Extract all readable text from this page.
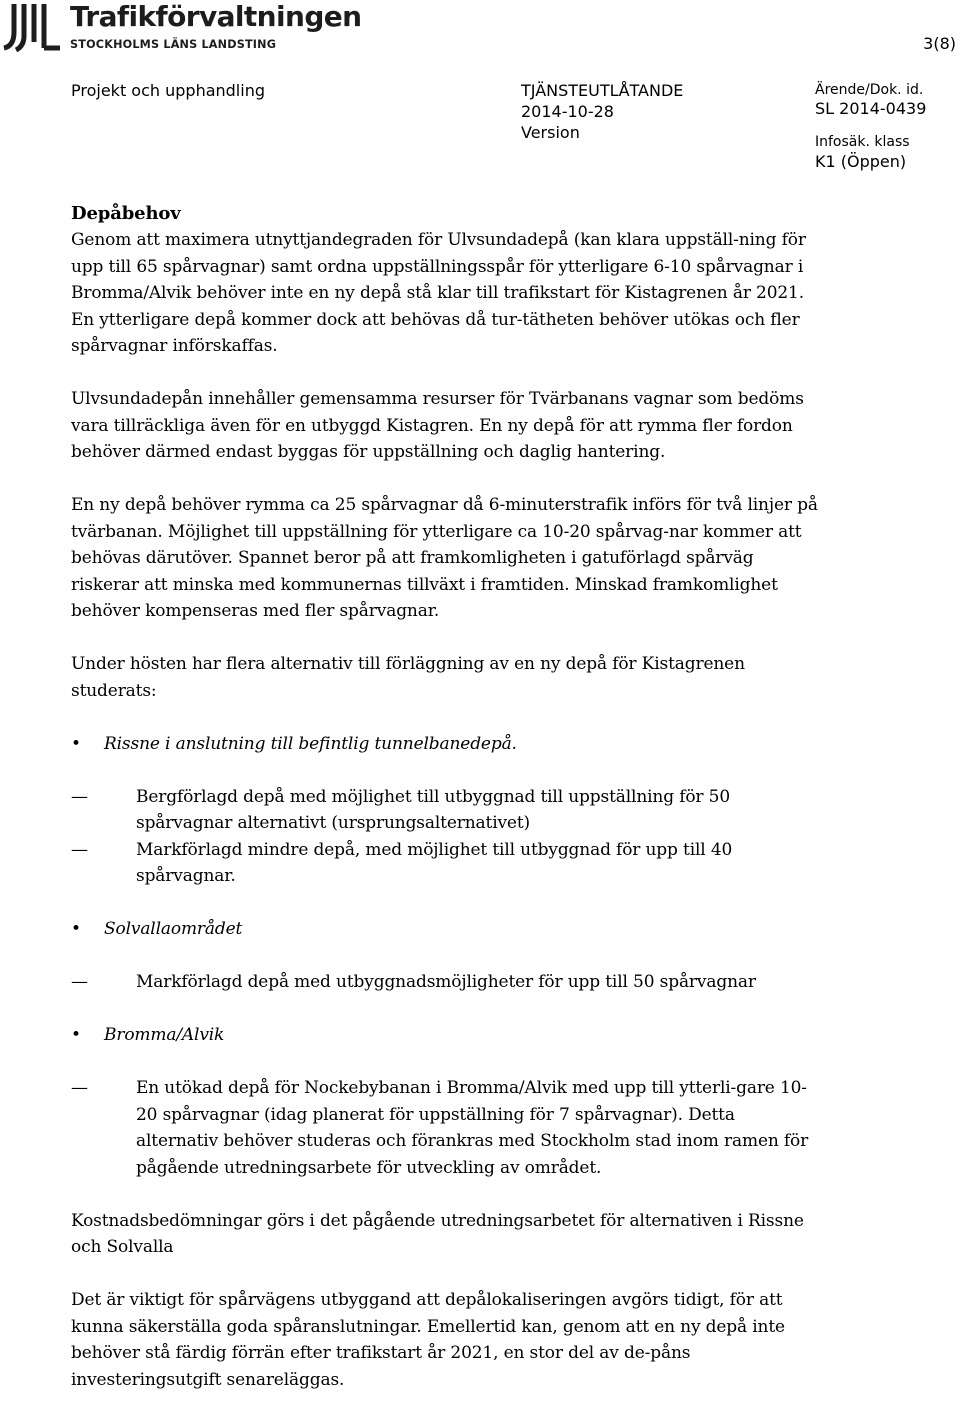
Trafikförvaltningen
STOCKHOLMS LÄNS LANDSTING	3(8)
Projekt och upphandling	TJÄNSTEUTLÅTANDE
2014-10-28
Version
Ärende/Dok. id.
SL 2014-0439
Infosäk. klass
K1 (Öppen)
Depåbehov

Genom att maximera utnyttjandegraden för Ulvsundadepå (kan klara uppställ-ning för upp till 65 spårvagnar) samt ordna uppställningsspår för ytterligare 6-10 spårvagnar i Bromma/Alvik behöver inte en ny depå stå klar till trafikstart för Kistagrenen år 2021. En ytterligare depå kommer dock att behövas då tur-tätheten behöver utökas och fler spårvagnar införskaffas.

Ulvsundadepån innehåller gemensamma resurser för Tvärbanans vagnar som bedöms vara tillräckliga även för en utbyggd Kistagren. En ny depå för att rymma fler fordon behöver därmed endast byggas för uppställning och daglig hantering.

En ny depå behöver rymma ca 25 spårvagnar då 6-minuterstrafik införs för två linjer på tvärbanan. Möjlighet till uppställning för ytterligare ca 10-20 spårvag-nar kommer att behövas därutöver. Spannet beror på att framkomligheten i gatuförlagd spårväg riskerar att minska med kommunernas tillväxt i framtiden. Minskad framkomlighet behöver kompenseras med fler spårvagnar.

Under hösten har flera alternativ till förläggning av en ny depå för Kistagrenen studerats:

• Rissne i anslutning till befintlig tunnelbanedepå.
—	Bergförlagd depå med möjlighet till utbyggnad till uppställning för 50 spårvagnar alternativt (ursprungsalternativet)
—	Markförlagd mindre depå, med möjlighet till utbyggnad för upp till 40 spårvagnar.
• Solvallaområdet
—	Markförlagd depå med utbyggnadsmöjligheter för upp till 50 spårvagnar
• Bromma/Alvik
—	En utökad depå för Nockebybanan i Bromma/Alvik med upp till ytterli-gare 10-20 spårvagnar (idag planerat för uppställning för 7 spårvagnar). Detta alternativ behöver studeras och förankras med Stockholm stad inom ramen för pågående utredningsarbete för utveckling av området.

Kostnadsbedömningar görs i det pågående utredningsarbetet för alternativen i Rissne och Solvalla

Det är viktigt för spårvägens utbyggand att depålokaliseringen avgörs tidigt, för att kunna säkerställa goda spåranslutningar. Emellertid kan, genom att en ny depå inte behöver stå färdig förrän efter trafikstart år 2021, en stor del av de-påns investeringsutgift senareläggas.
